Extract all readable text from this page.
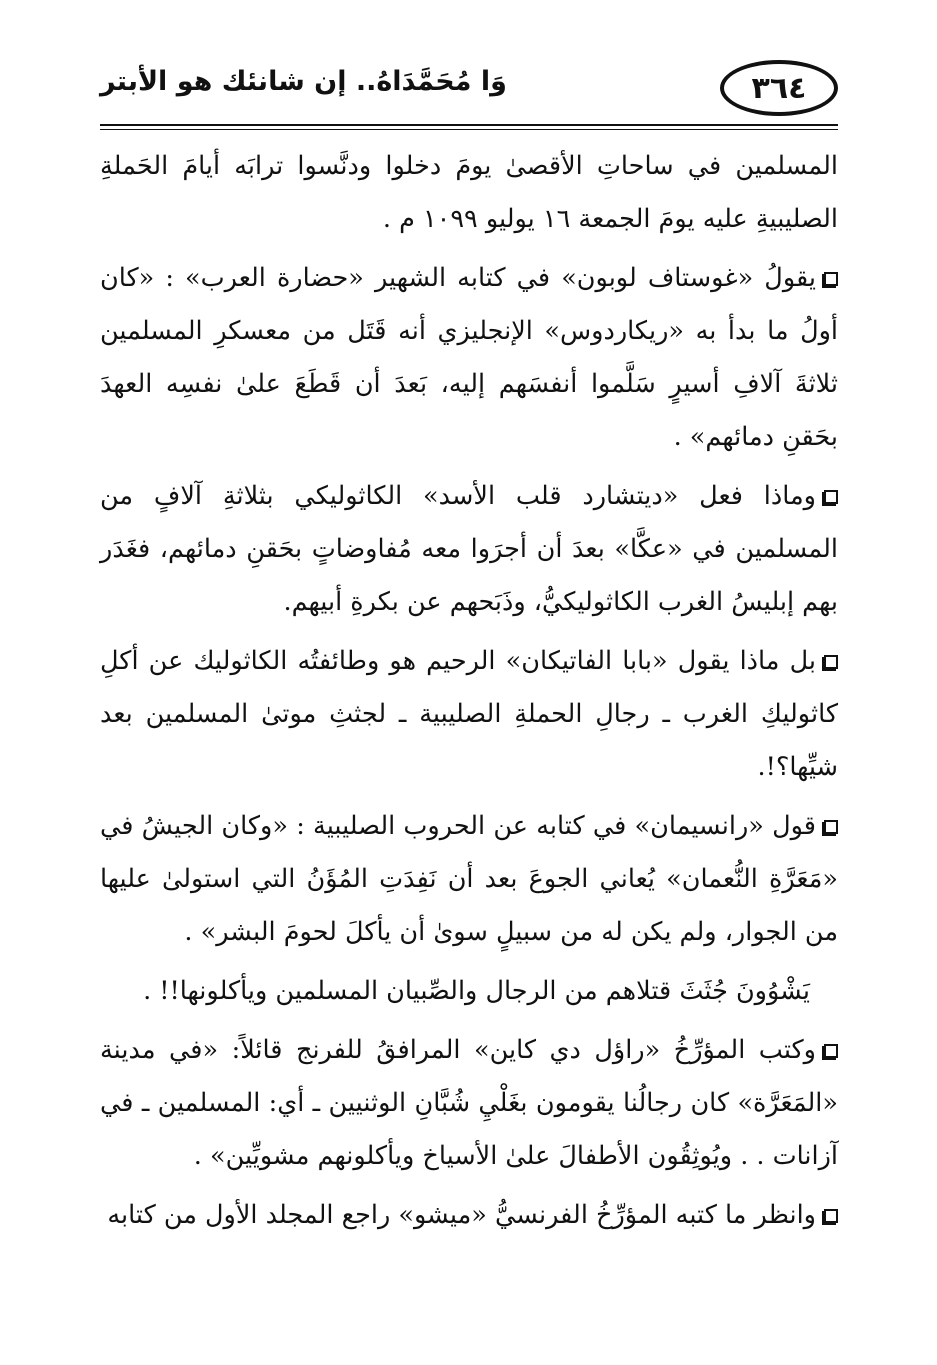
٣٦٤
وَا مُحَمَّدَاهُ.. إن شانئك هو الأبتر

المسلمين في ساحاتِ الأقصىٰ يومَ دخلوا ودنَّسوا ترابَه أيامَ الحَملةِ الصليبيةِ عليه يومَ الجمعة ١٦ يوليو ١٠٩٩ م .

يقولُ «غوستاف لوبون» في كتابه الشهير «حضارة العرب» : «كان أولُ ما بدأ به «ريكاردوس» الإنجليزي أنه قَتَل من معسكرِ المسلمين ثلاثةَ آلافِ أسيرٍ سَلَّموا أنفسَهم إليه، بَعدَ أن قَطَعَ علىٰ نفسِه العهدَ بحَقنِ دمائهم» .

وماذا فعل «ديتشارد قلب الأسد» الكاثوليكي بثلاثةِ آلافٍ من المسلمين في «عكَّا» بعدَ أن أجرَوا معه مُفاوضاتٍ بحَقنِ دمائهم، فغَدَر بهم إبليسُ الغرب الكاثوليكيُّ، وذَبَحهم عن بكرةِ أبيهم.

بل ماذا يقول «بابا الفاتيكان» الرحيم هو وطائفتُه الكاثوليك عن أكلِ كاثوليكِ الغرب ـ رجالِ الحملةِ الصليبية ـ لجثثِ موتىٰ المسلمين بعد شيِّها؟!.

قول «رانسيمان» في كتابه عن الحروب الصليبية : «وكان الجيشُ في «مَعَرَّةِ النُّعمان» يُعاني الجوعَ بعد أن نَفِدَتِ المُؤَنُ التي استولىٰ عليها من الجوار، ولم يكن له من سبيلٍ سوىٰ أن يأكلَ لحومَ البشر» .

يَشْوُونَ جُثَثَ قتلاهم من الرجال والصِّبيان المسلمين ويأكلونها!! .

وكتب المؤرِّخُ «راؤل دي كاين» المرافقُ للفرنج قائلاً: «في مدينة «المَعَرَّة» كان رجالُنا يقومون بغَلْيِ شُبَّانِ الوثنيين ـ أي: المسلمين ـ في آزانات . . ويُوثِقُون الأطفالَ علىٰ الأسياخ ويأكلونهم مشويِّين» .

وانظر ما كتبه المؤرِّخُ الفرنسيُّ «ميشو» راجع المجلد الأول من كتابه
